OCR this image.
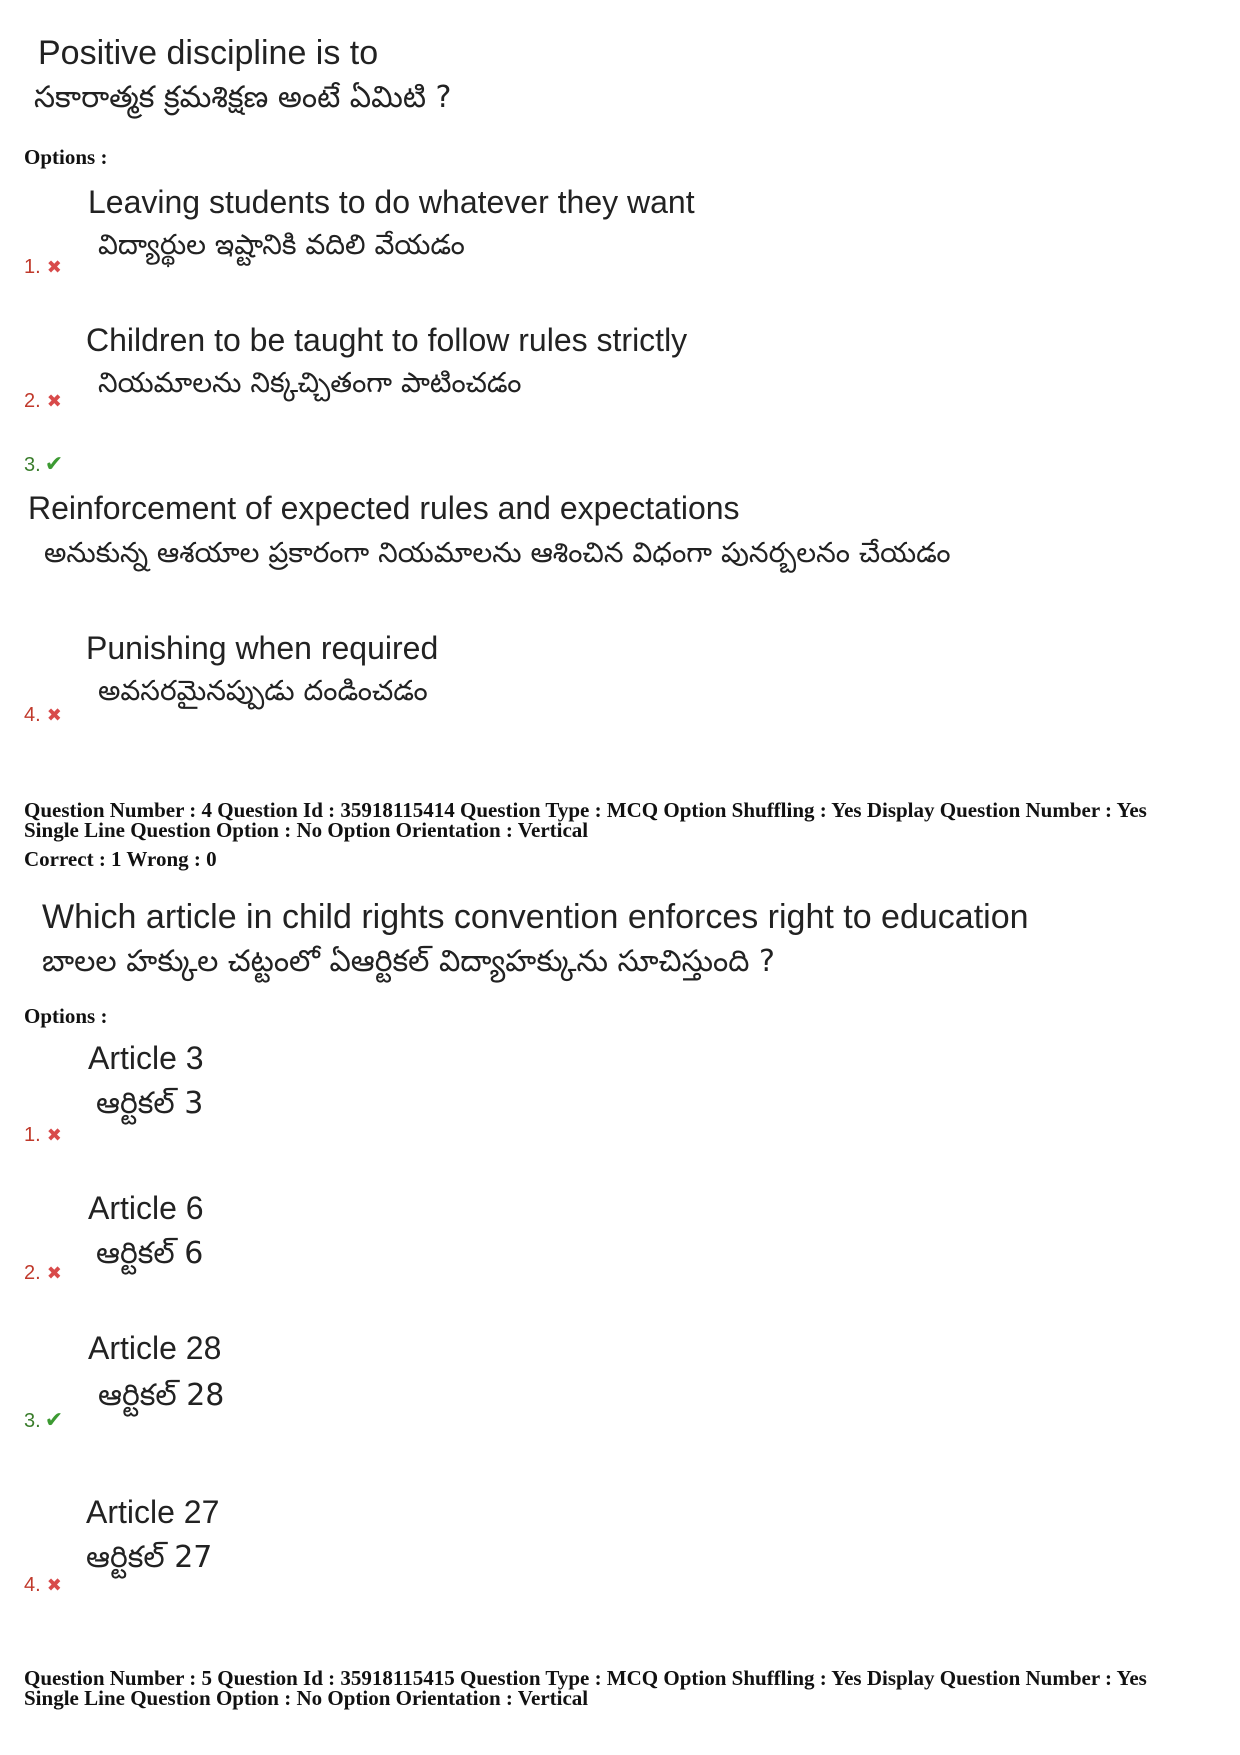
Positive discipline is to
సకారాత్మక క్రమశిక్షణ అంటే ఏమిటి ?
Options :
Leaving students to do whatever they want
విద్యార్థుల ఇష్టానికి వదిలి వేయడం
1. ✖
Children to be taught to follow rules strictly
నియమాలను నిక్కచ్చితంగా పాటించడం
2. ✖
3. ✔
Reinforcement of expected rules and expectations
అనుకున్న ఆశయాల ప్రకారంగా నియమాలను ఆశించిన విధంగా పునర్బలనం చేయడం
Punishing when required
అవసరమైనప్పుడు దండించడం
4. ✖
Question Number : 4 Question Id : 35918115414 Question Type : MCQ Option Shuffling : Yes Display Question Number : Yes
Single Line Question Option : No Option Orientation : Vertical
Correct : 1 Wrong : 0
Which article in child rights convention enforces right to education
బాలల హక్కుల చట్టంలో ఏఆర్టికల్ విద్యాహక్కును సూచిస్తుంది ?
Options :
Article 3
ఆర్టికల్ 3
1. ✖
Article 6
ఆర్టికల్ 6
2. ✖
Article 28
ఆర్టికల్ 28
3. ✔
Article 27
ఆర్టికల్ 27
4. ✖
Question Number : 5 Question Id : 35918115415 Question Type : MCQ Option Shuffling : Yes Display Question Number : Yes
Single Line Question Option : No Option Orientation : Vertical
